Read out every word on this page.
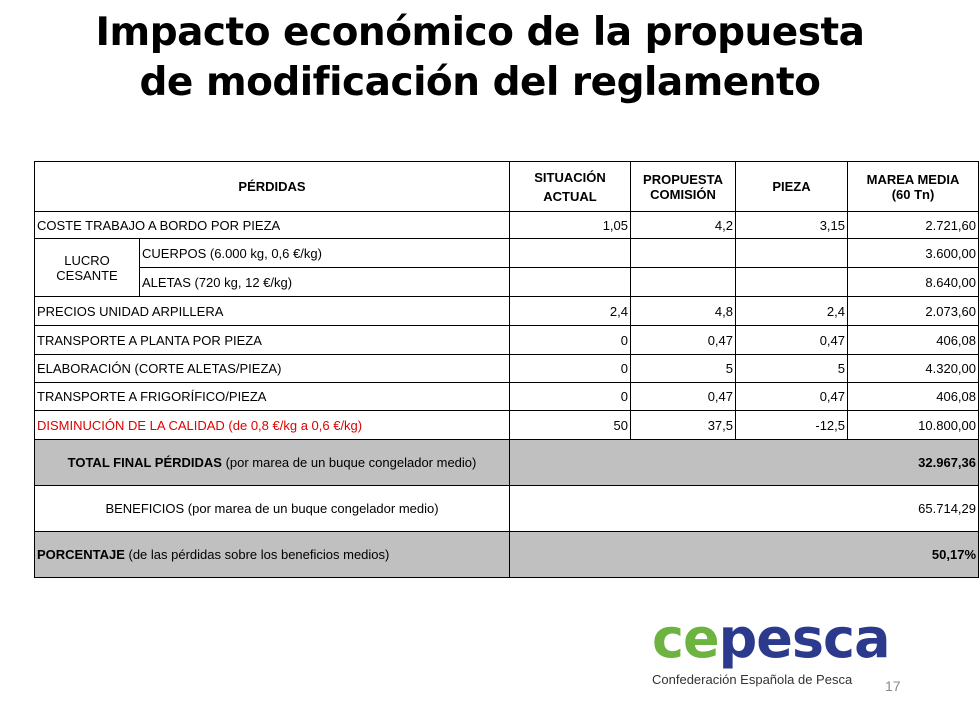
Impacto económico de la propuesta
de modificación del reglamento
PÉRDIDAS		SITUACIÓN ACTUAL	PROPUESTA COMISIÓN	PIEZA	MAREA MEDIA
(60 Tn)

COSTE TRABAJO A BORDO POR PIEZA		1,05	4,2	3,15	2.721,60
LUCRO CESANTE	CUERPOS (6.000 kg, 0,6 €/kg)				3.600,00
	ALETAS (720 kg, 12 €/kg)				8.640,00
PRECIOS UNIDAD ARPILLERA		2,4	4,8	2,4	2.073,60
TRANSPORTE A PLANTA POR PIEZA		0	0,47	0,47	406,08
ELABORACIÓN (CORTE ALETAS/PIEZA)		0	5	5	4.320,00
TRANSPORTE A FRIGORÍFICO/PIEZA		0	0,47	0,47	406,08
DISMINUCIÓN DE LA CALIDAD (de 0,8 €/kg a 0,6 €/kg)		50	37,5	-12,5	10.800,00
TOTAL FINAL PÉRDIDAS (por marea de un buque congelador medio)		32.967,36			
BENEFICIOS (por marea de un buque congelador medio)		65.714,29			
PORCENTAJE (de las pérdidas sobre los beneficios medios)		50,17%			
cepesca
Confederación Española de Pesca	17
